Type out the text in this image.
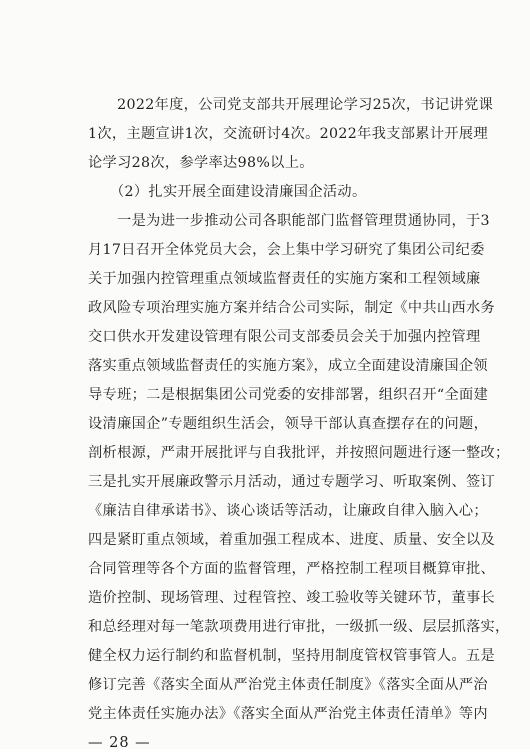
　　2022年度，公司党支部共开展理论学习25次，书记讲党课
1次，主题宣讲1次，交流研讨4次。2022年我支部累计开展理
论学习28次，参学率达98%以上。
　　（2）扎实开展全面建设清廉国企活动。
　　一是为进一步推动公司各职能部门监督管理贯通协同，于3
月17日召开全体党员大会，会上集中学习研究了集团公司纪委
关于加强内控管理重点领域监督责任的实施方案和工程领域廉
政风险专项治理实施方案并结合公司实际，制定《中共山西水务
交口供水开发建设管理有限公司支部委员会关于加强内控管理
落实重点领域监督责任的实施方案》，成立全面建设清廉国企领
导专班；二是根据集团公司党委的安排部署，组织召开“全面建
设清廉国企”专题组织生活会，领导干部认真查摆存在的问题，
剖析根源，严肃开展批评与自我批评，并按照问题进行逐一整改；
三是扎实开展廉政警示月活动，通过专题学习、听取案例、签订
《廉洁自律承诺书》、谈心谈话等活动，让廉政自律入脑入心；
四是紧盯重点领域，着重加强工程成本、进度、质量、安全以及
合同管理等各个方面的监督管理，严格控制工程项目概算审批、
造价控制、现场管理、过程管控、竣工验收等关键环节，董事长
和总经理对每一笔款项费用进行审批，一级抓一级、层层抓落实，
健全权力运行制约和监督机制，坚持用制度管权管事管人。五是
修订完善《落实全面从严治党主体责任制度》《落实全面从严治
党主体责任实施办法》《落实全面从严治党主体责任清单》等内
— 28 —
